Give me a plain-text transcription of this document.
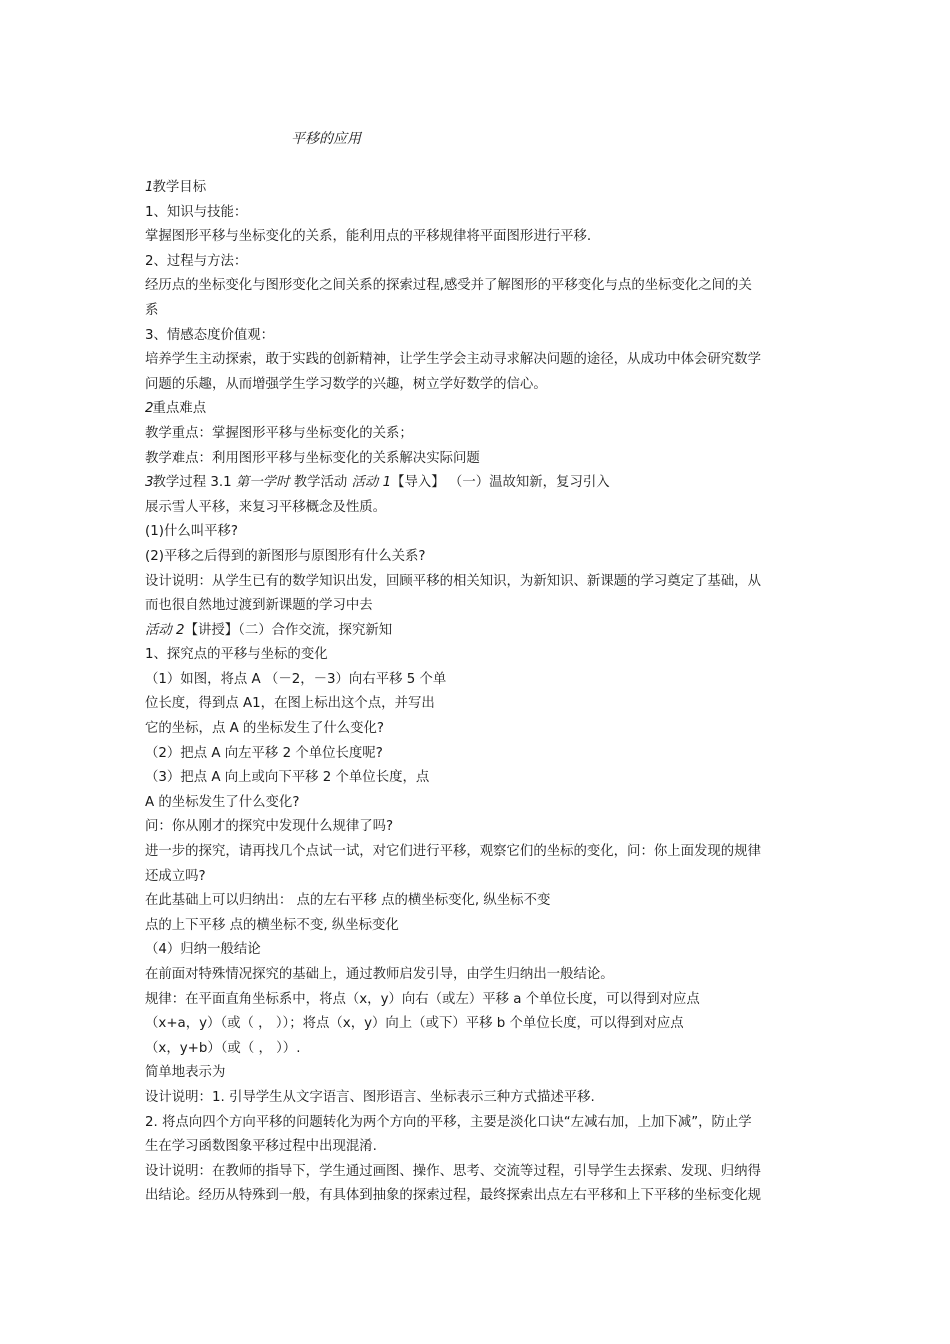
平移的应用
1教学目标
1、知识与技能：
掌握图形平移与坐标变化的关系，能利用点的平移规律将平面图形进行平移.
2、过程与方法：
经历点的坐标变化与图形变化之间关系的探索过程,感受并了解图形的平移变化与点的坐标变化之间的关
系
3、情感态度价值观：
培养学生主动探索，敢于实践的创新精神，让学生学会主动寻求解决问题的途径，从成功中体会研究数学
问题的乐趣，从而增强学生学习数学的兴趣，树立学好数学的信心。
2重点难点
教学重点：掌握图形平移与坐标变化的关系；
教学难点：利用图形平移与坐标变化的关系解决实际问题
3教学过程 3.1 第一学时 教学活动 活动 1【导入】 （一）温故知新，复习引入
展示雪人平移，来复习平移概念及性质。
(1)什么叫平移?
(2)平移之后得到的新图形与原图形有什么关系?
设计说明：从学生已有的数学知识出发，回顾平移的相关知识，为新知识、新课题的学习奠定了基础，从
而也很自然地过渡到新课题的学习中去
活动 2【讲授】（二）合作交流，探究新知
1、探究点的平移与坐标的变化
（1）如图，将点 A （－2，－3）向右平移 5 个单
位长度，得到点 A1，在图上标出这个点，并写出
它的坐标，点 A 的坐标发生了什么变化?
（2）把点 A 向左平移 2 个单位长度呢?
（3）把点 A 向上或向下平移 2 个单位长度，点
A 的坐标发生了什么变化?
问：你从刚才的探究中发现什么规律了吗?
进一步的探究，请再找几个点试一试，对它们进行平移，观察它们的坐标的变化，问：你上面发现的规律
还成立吗?
在此基础上可以归纳出： 点的左右平移 点的横坐标变化, 纵坐标不变
点的上下平移 点的横坐标不变, 纵坐标变化
（4）归纳一般结论
在前面对特殊情况探究的基础上，通过教师启发引导，由学生归纳出一般结论。
规律：在平面直角坐标系中，将点（x，y）向右（或左）平移 a 个单位长度，可以得到对应点
（x+a，y）（或（ ， ））；将点（x，y）向上（或下）平移 b 个单位长度，可以得到对应点
（x，y+b）（或（ ， ））.
简单地表示为
设计说明：1. 引导学生从文字语言、图形语言、坐标表示三种方式描述平移.
2. 将点向四个方向平移的问题转化为两个方向的平移，主要是淡化口诀“左减右加，上加下减”，防止学
生在学习函数图象平移过程中出现混淆.
设计说明：在教师的指导下，学生通过画图、操作、思考、交流等过程，引导学生去探索、发现、归纳得
出结论。经历从特殊到一般，有具体到抽象的探索过程，最终探索出点左右平移和上下平移的坐标变化规
